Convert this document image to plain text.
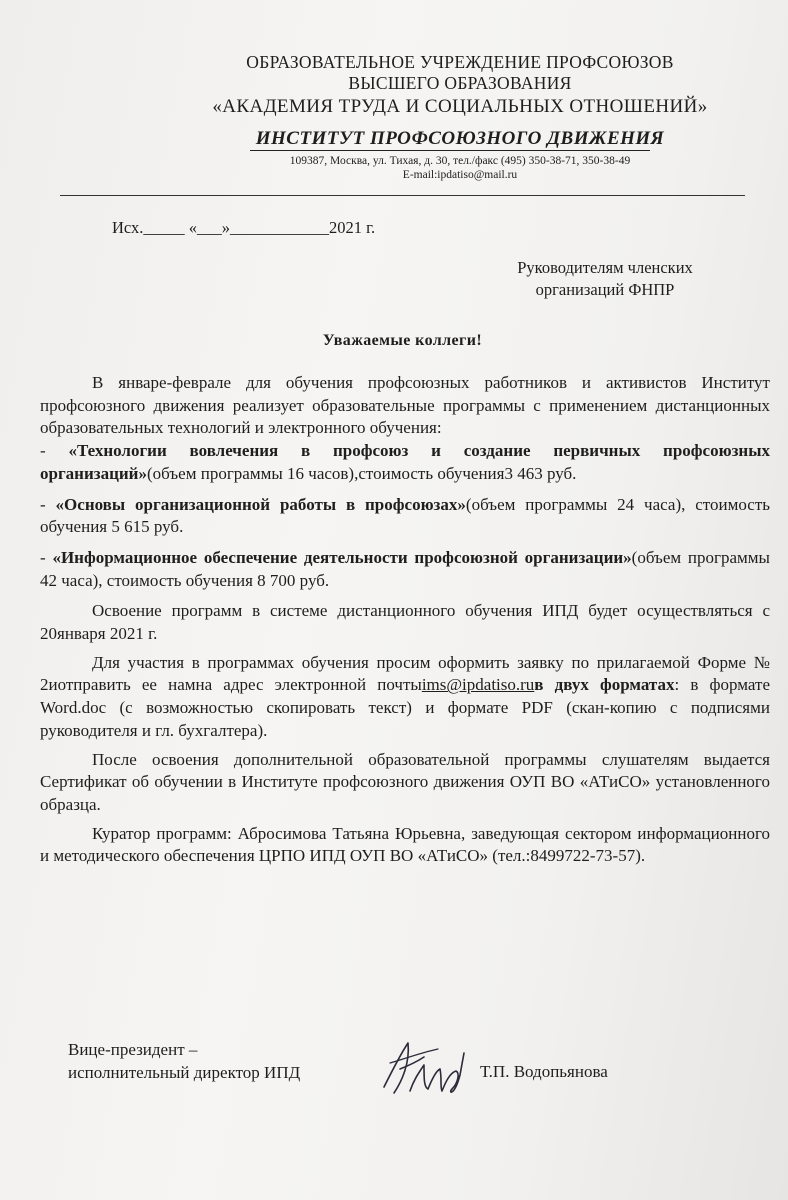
ОБРАЗОВАТЕЛЬНОЕ УЧРЕЖДЕНИЕ ПРОФСОЮЗОВ
ВЫСШЕГО ОБРАЗОВАНИЯ
«АКАДЕМИЯ ТРУДА И СОЦИАЛЬНЫХ ОТНОШЕНИЙ»
ИНСТИТУТ ПРОФСОЮЗНОГО ДВИЖЕНИЯ
109387, Москва, ул. Тихая, д. 30, тел./факс (495) 350-38-71, 350-38-49
E-mail:ipdatiso@mail.ru
Исх._____ «___»____________2021 г.
Руководителям членских
организаций ФНПР
Уважаемые коллеги!

В январе-феврале для обучения профсоюзных работников и активистов Институт профсоюзного движения реализует образовательные программы с применением дистанционных образовательных технологий и электронного обучения:

- «Технологии вовлечения в профсоюз и создание первичных профсоюзных организаций»(объем программы 16 часов),стоимость обучения3 463 руб.

- «Основы организационной работы в профсоюзах»(объем программы 24 часа), стоимость обучения 5 615 руб.

- «Информационное обеспечение деятельности профсоюзной организации»(объем программы 42 часа), стоимость обучения 8 700 руб.

Освоение программ в системе дистанционного обучения ИПД будет осуществляться с 20января 2021 г.

Для участия в программах обучения просим оформить заявку по прилагаемой Форме № 2иотправить ее намна адрес электронной почтыims@ipdatiso.ruв двух форматах: в формате Word.doc (с возможностью скопировать текст) и формате PDF (скан-копию с подписями руководителя и гл. бухгалтера).

После освоения дополнительной образовательной программы слушателям выдается Сертификат об обучении в Институте профсоюзного движения ОУП ВО «АТиСО» установленного образца.

Куратор программ: Абросимова Татьяна Юрьевна, заведующая сектором информационного и методического обеспечения ЦРПО ИПД ОУП ВО «АТиСО» (тел.:8499722-73-57).

Вице-президент –
исполнительный директор ИПД	Т.П. Водопьянова
